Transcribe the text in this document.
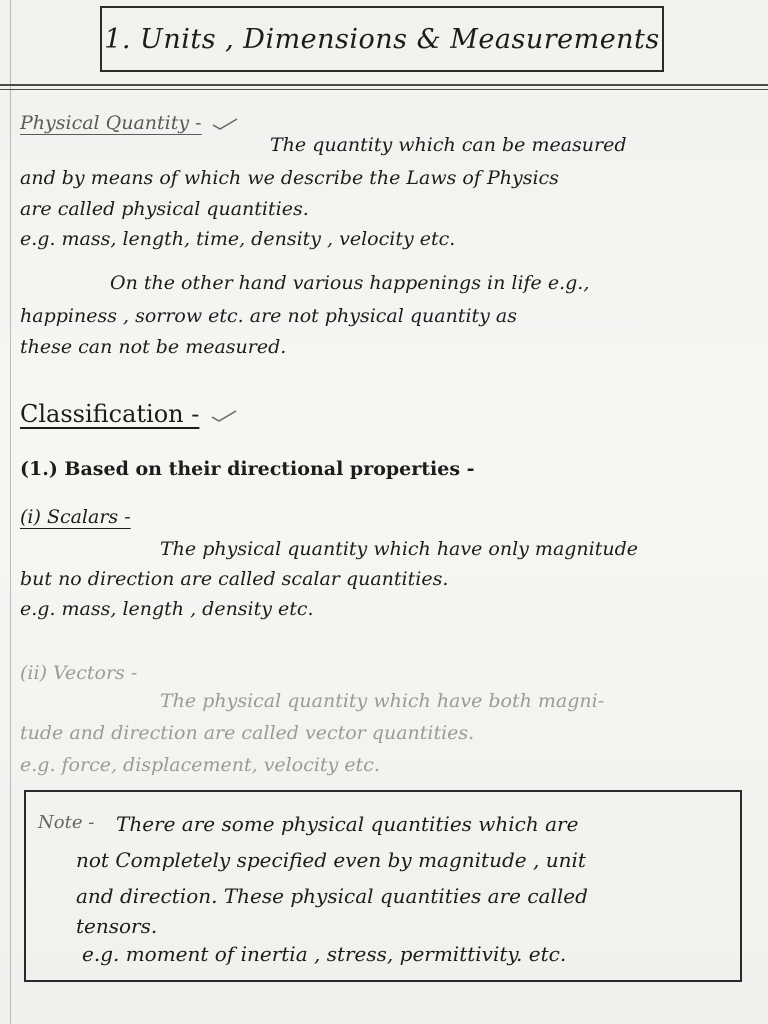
1. Units , Dimensions & Measurements
Physical Quantity -
The quantity which can be measured
and by means of which we describe the Laws of Physics
are called physical quantities.
e.g. mass, length, time, density , velocity etc.
On the other hand various happenings in life e.g.,
happiness , sorrow etc. are not physical quantity as
these can not be measured.
Classification -
(1.) Based on their directional properties -
(i) Scalars -
The physical quantity which have only magnitude
but no direction are called scalar quantities.
e.g. mass, length , density etc.
(ii) Vectors -
The physical quantity which have both magni-
tude and direction are called vector quantities.
e.g. force, displacement, velocity etc.
Note - There are some physical quantities which are
not Completely specified even by magnitude , unit
and direction. These physical quantities are called
tensors.
e.g. moment of inertia , stress, permittivity. etc.
